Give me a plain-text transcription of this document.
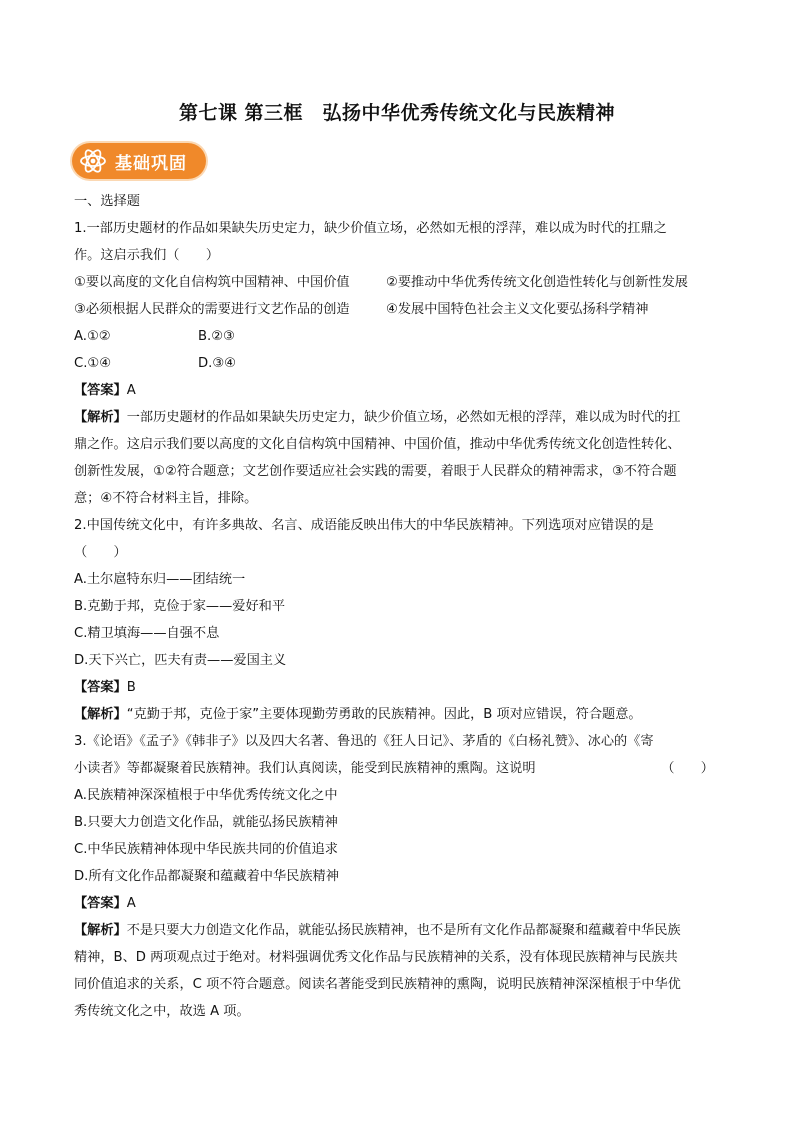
第七课 第三框　弘扬中华优秀传统文化与民族精神
基础巩固
一、选择题
1.一部历史题材的作品如果缺失历史定力，缺少价值立场，必然如无根的浮萍，难以成为时代的扛鼎之
作。这启示我们（　　）
①要以高度的文化自信构筑中国精神、中国价值	②要推动中华优秀传统文化创造性转化与创新性发展
③必须根据人民群众的需要进行文艺作品的创造	④发展中国特色社会主义文化要弘扬科学精神
A.①②	B.②③
C.①④	D.③④
【答案】A
【解析】一部历史题材的作品如果缺失历史定力，缺少价值立场，必然如无根的浮萍，难以成为时代的扛
鼎之作。这启示我们要以高度的文化自信构筑中国精神、中国价值，推动中华优秀传统文化创造性转化、
创新性发展，①②符合题意；文艺创作要适应社会实践的需要，着眼于人民群众的精神需求，③不符合题
意；④不符合材料主旨，排除。
2.中国传统文化中，有许多典故、名言、成语能反映出伟大的中华民族精神。下列选项对应错误的是
（　　）
A.土尔扈特东归——团结统一
B.克勤于邦，克俭于家——爱好和平
C.精卫填海——自强不息
D.天下兴亡，匹夫有责——爱国主义
【答案】B
【解析】“克勤于邦，克俭于家”主要体现勤劳勇敢的民族精神。因此，B 项对应错误，符合题意。
3.《论语》《孟子》《韩非子》以及四大名著、鲁迅的《狂人日记》、茅盾的《白杨礼赞》、冰心的《寄
小读者》等都凝聚着民族精神。我们认真阅读，能受到民族精神的熏陶。这说明	（　　）
A.民族精神深深植根于中华优秀传统文化之中
B.只要大力创造文化作品，就能弘扬民族精神
C.中华民族精神体现中华民族共同的价值追求
D.所有文化作品都凝聚和蕴藏着中华民族精神
【答案】A
【解析】不是只要大力创造文化作品，就能弘扬民族精神，也不是所有文化作品都凝聚和蕴藏着中华民族
精神，B、D 两项观点过于绝对。材料强调优秀文化作品与民族精神的关系，没有体现民族精神与民族共
同价值追求的关系，C 项不符合题意。阅读名著能受到民族精神的熏陶，说明民族精神深深植根于中华优
秀传统文化之中，故选 A 项。
